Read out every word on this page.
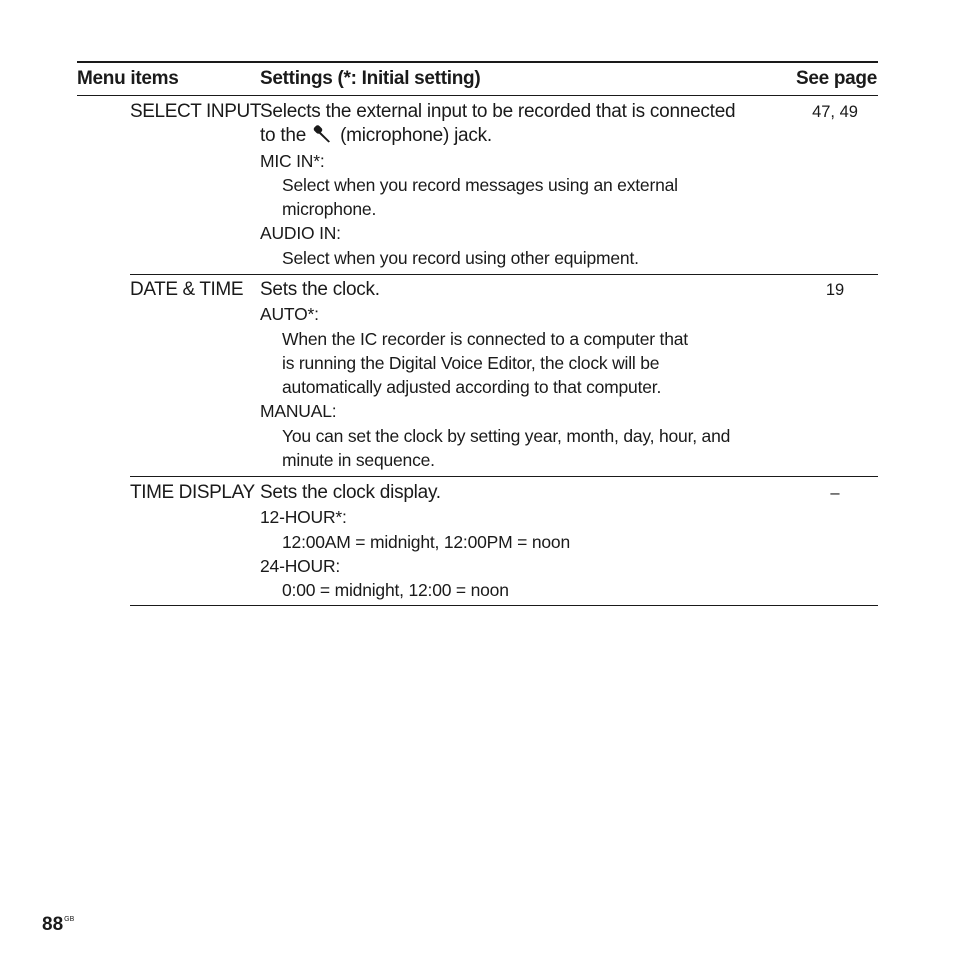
Menu items	Settings (*: Initial setting)	See page
SELECT INPUT
Selects the external input to be recorded that is connected
to the (microphone) jack.
MIC IN*:
Select when you record messages using an external
microphone.
AUDIO IN:
Select when you record using other equipment.
47, 49
DATE & TIME Sets the clock.
AUTO*:
When the IC recorder is connected to a computer that
is running the Digital Voice Editor, the clock will be
automatically adjusted according to that computer.
MANUAL:
You can set the clock by setting year, month, day, hour, and
minute in sequence.
19
TIME DISPLAY Sets the clock display.
12-HOUR*:
12:00AM = midnight, 12:00PM = noon
24-HOUR:
0:00 = midnight, 12:00 = noon
–
$88^{GB}$
